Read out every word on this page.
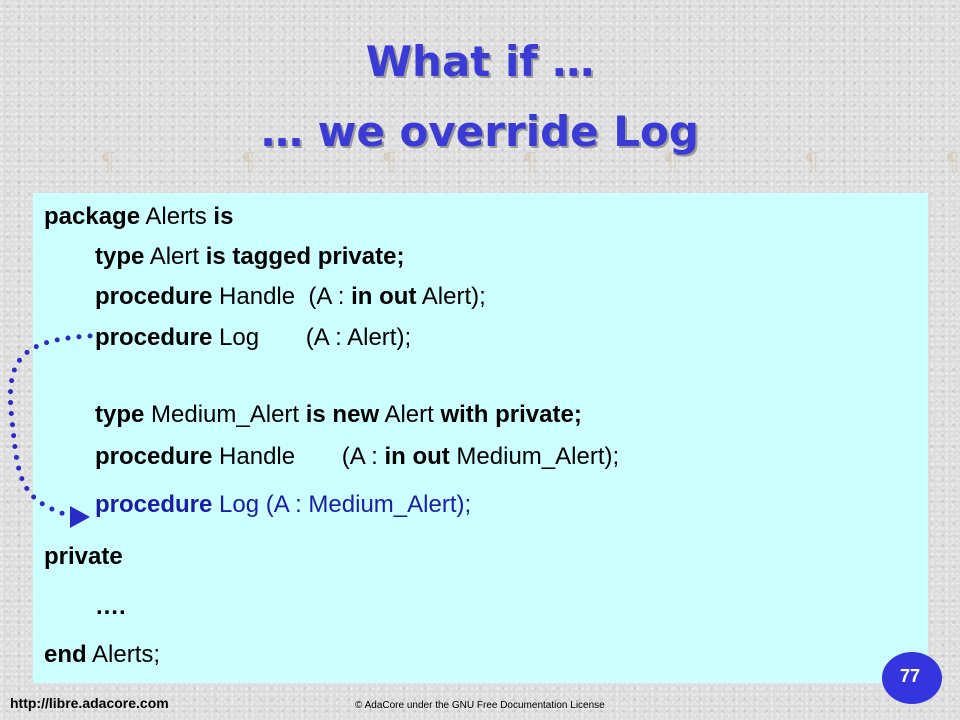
What if …
… we override Log
¶	¶	¶	¶	¶	¶	¶
package Alerts is
type Alert is tagged private;
procedure Handle  (A : in out Alert);
procedure Log       (A : Alert);
type Medium_Alert is new Alert with private;
procedure Handle       (A : in out Medium_Alert);
procedure Log (A : Medium_Alert);
private
….
end Alerts;
77
http://libre.adacore.com	© AdaCore under the GNU Free Documentation License
